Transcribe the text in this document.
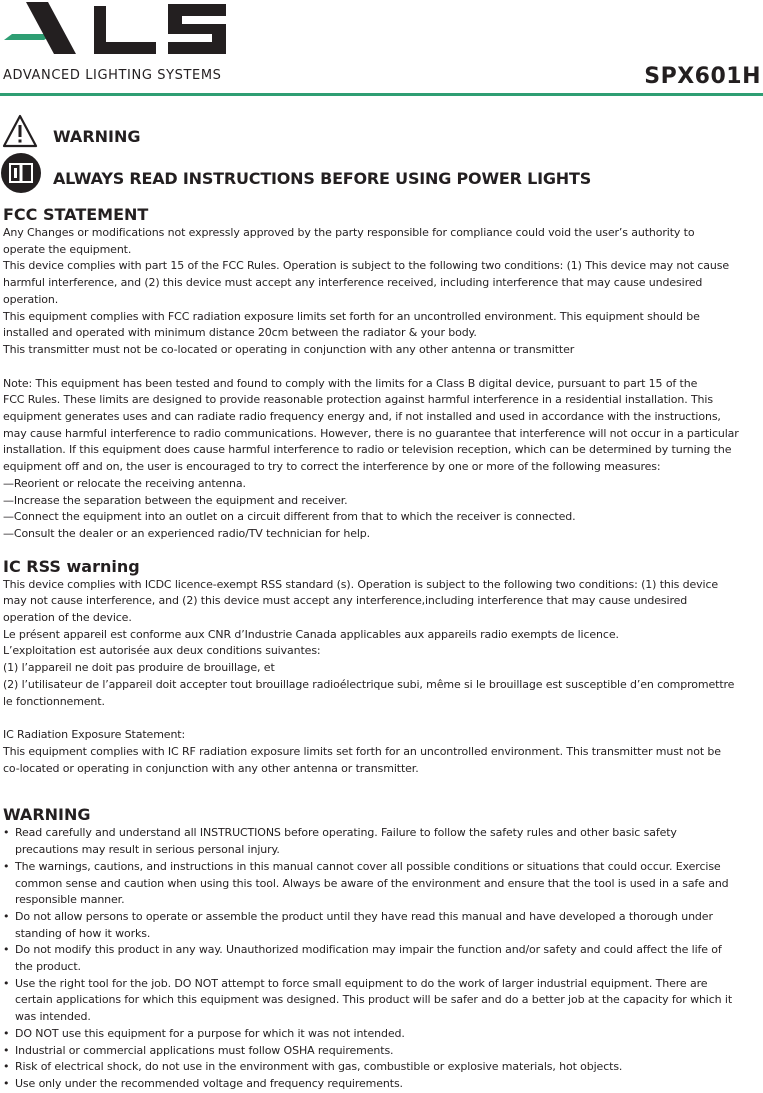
ADVANCED LIGHTING SYSTEMS	SPX601H
WARNING
ALWAYS READ INSTRUCTIONS BEFORE USING POWER LIGHTS
FCC STATEMENT
Any Changes or modifications not expressly approved by the party responsible for compliance could void the user’s authority to
operate the equipment.
This device complies with part 15 of the FCC Rules. Operation is subject to the following two conditions: (1) This device may not cause
harmful interference, and (2) this device must accept any interference received, including interference that may cause undesired
operation.
This equipment complies with FCC radiation exposure limits set forth for an uncontrolled environment. This equipment should be
installed and operated with minimum distance 20cm between the radiator & your body.
This transmitter must not be co-located or operating in conjunction with any other antenna or transmitter
Note: This equipment has been tested and found to comply with the limits for a Class B digital device, pursuant to part 15 of the
FCC Rules. These limits are designed to provide reasonable protection against harmful interference in a residential installation. This
equipment generates uses and can radiate radio frequency energy and, if not installed and used in accordance with the instructions,
may cause harmful interference to radio communications. However, there is no guarantee that interference will not occur in a particular
installation. If this equipment does cause harmful interference to radio or television reception, which can be determined by turning the
equipment off and on, the user is encouraged to try to correct the interference by one or more of the following measures:
—Reorient or relocate the receiving antenna.
—Increase the separation between the equipment and receiver.
—Connect the equipment into an outlet on a circuit different from that to which the receiver is connected.
—Consult the dealer or an experienced radio/TV technician for help.
IC RSS warning
This device complies with ICDC licence-exempt RSS standard (s). Operation is subject to the following two conditions: (1) this device
may not cause interference, and (2) this device must accept any interference,including interference that may cause undesired
operation of the device.
Le présent appareil est conforme aux CNR d’Industrie Canada applicables aux appareils radio exempts de licence.
L’exploitation est autorisée aux deux conditions suivantes:
(1) l’appareil ne doit pas produire de brouillage, et
(2) l’utilisateur de l’appareil doit accepter tout brouillage radioélectrique subi, même si le brouillage est susceptible d’en compromettre
le fonctionnement.
IC Radiation Exposure Statement:
This equipment complies with IC RF radiation exposure limits set forth for an uncontrolled environment. This transmitter must not be
co-located or operating in conjunction with any other antenna or transmitter.
WARNING
• Read carefully and understand all INSTRUCTIONS before operating. Failure to follow the safety rules and other basic safety
precautions may result in serious personal injury.
• The warnings, cautions, and instructions in this manual cannot cover all possible conditions or situations that could occur. Exercise
common sense and caution when using this tool. Always be aware of the environment and ensure that the tool is used in a safe and
responsible manner.
• Do not allow persons to operate or assemble the product until they have read this manual and have developed a thorough under
standing of how it works.
• Do not modify this product in any way. Unauthorized modification may impair the function and/or safety and could affect the life of
the product.
• Use the right tool for the job. DO NOT attempt to force small equipment to do the work of larger industrial equipment. There are
certain applications for which this equipment was designed. This product will be safer and do a better job at the capacity for which it
was intended.
• DO NOT use this equipment for a purpose for which it was not intended.
• Industrial or commercial applications must follow OSHA requirements.
• Risk of electrical shock, do not use in the environment with gas, combustible or explosive materials, hot objects.
• Use only under the recommended voltage and frequency requirements.
